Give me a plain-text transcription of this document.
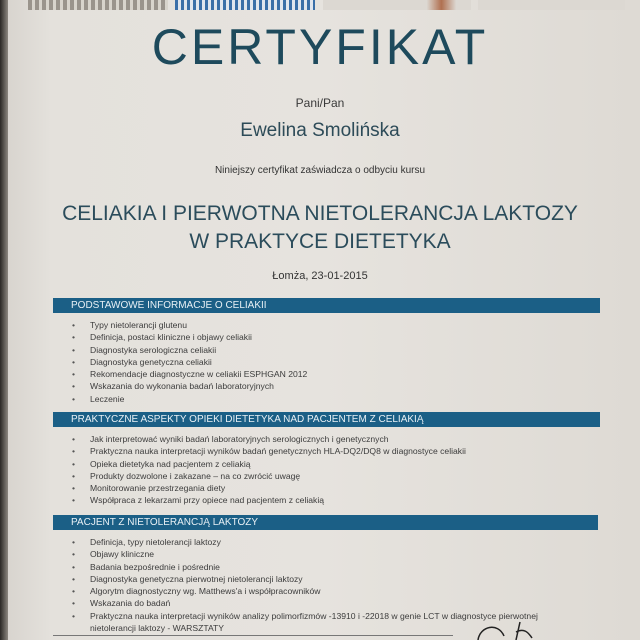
CERTYFIKAT
Pani/Pan
Ewelina Smolińska
Niniejszy certyfikat zaświadcza o odbyciu kursu
CELIAKIA I PIERWOTNA NIETOLERANCJA LAKTOZY
W PRAKTYCE DIETETYKA
Łomża, 23-01-2015
PODSTAWOWE INFORMACJE O CELIAKII
• Typy nietolerancji glutenu
• Definicja, postaci kliniczne i objawy celiakii
• Diagnostyka serologiczna celiakii
• Diagnostyka genetyczna celiakii
• Rekomendacje diagnostyczne w celiakii ESPHGAN 2012
• Wskazania do wykonania badań laboratoryjnych
• Leczenie
PRAKTYCZNE ASPEKTY OPIEKI DIETETYKA NAD PACJENTEM Z CELIAKIĄ
• Jak interpretować wyniki badań laboratoryjnych serologicznych i genetycznych
• Praktyczna nauka interpretacji wyników badań genetycznych HLA-DQ2/DQ8 w diagnostyce celiakii
• Opieka dietetyka nad pacjentem z celiakią
• Produkty dozwolone i zakazane – na co zwrócić uwagę
• Monitorowanie przestrzegania diety
• Współpraca z lekarzami przy opiece nad pacjentem z celiakią
PACJENT Z NIETOLERANCJĄ LAKTOZY
• Definicja, typy nietolerancji laktozy
• Objawy kliniczne
• Badania bezpośrednie i pośrednie
• Diagnostyka genetyczna pierwotnej nietolerancji laktozy
• Algorytm diagnostyczny wg. Matthews'a i współpracowników
• Wskazania do badań
• Praktyczna nauka interpretacji wyników analizy polimorfizmów -13910 i -22018 w genie LCT w diagnostyce pierwotnej nietolerancji laktozy - WARSZTATY
